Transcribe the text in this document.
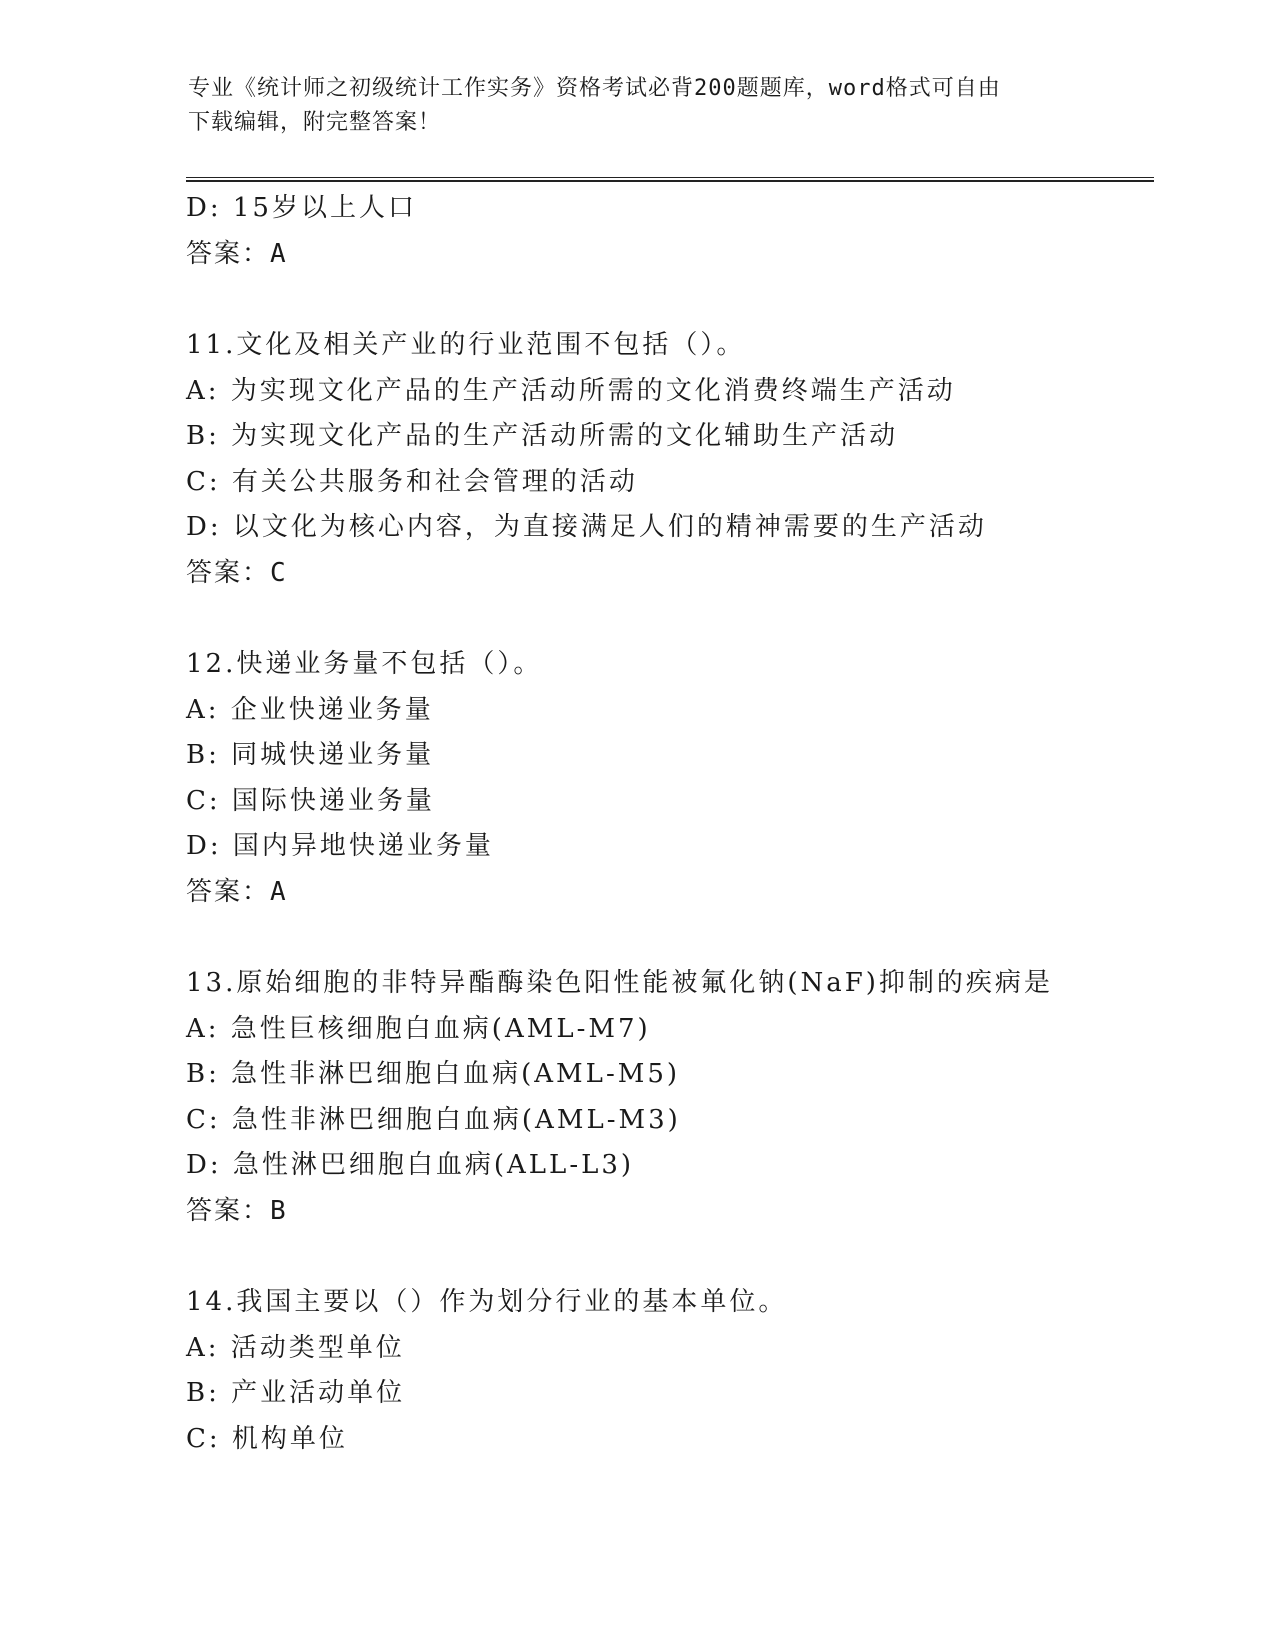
专业《统计师之初级统计工作实务》资格考试必背200题题库，word格式可自由
下载编辑，附完整答案！
D: 15岁以上人口
答案：A
11.文化及相关产业的行业范围不包括（）。
A: 为实现文化产品的生产活动所需的文化消费终端生产活动
B: 为实现文化产品的生产活动所需的文化辅助生产活动
C: 有关公共服务和社会管理的活动
D: 以文化为核心内容，为直接满足人们的精神需要的生产活动
答案：C
12.快递业务量不包括（）。
A: 企业快递业务量
B: 同城快递业务量
C: 国际快递业务量
D: 国内异地快递业务量
答案：A
13.原始细胞的非特异酯酶染色阳性能被氟化钠(NaF)抑制的疾病是
A: 急性巨核细胞白血病(AML-M7)
B: 急性非淋巴细胞白血病(AML-M5)
C: 急性非淋巴细胞白血病(AML-M3)
D: 急性淋巴细胞白血病(ALL-L3)
答案：B
14.我国主要以（）作为划分行业的基本单位。
A: 活动类型单位
B: 产业活动单位
C: 机构单位
